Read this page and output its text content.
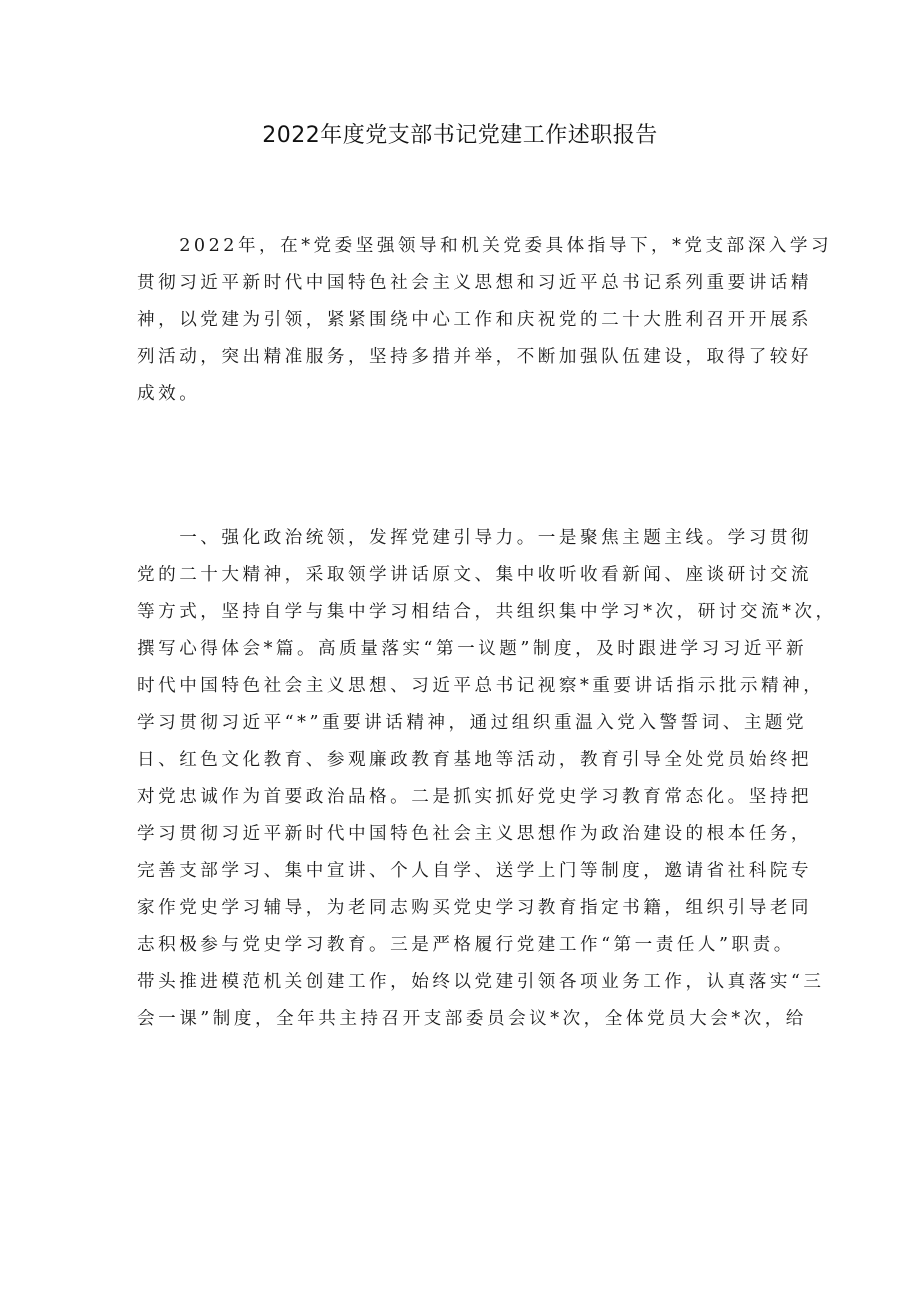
2022年度党支部书记党建工作述职报告
　　2022年，在*党委坚强领导和机关党委具体指导下，*党支部深入学习
贯彻习近平新时代中国特色社会主义思想和习近平总书记系列重要讲话精
神，以党建为引领，紧紧围绕中心工作和庆祝党的二十大胜利召开开展系
列活动，突出精准服务，坚持多措并举，不断加强队伍建设，取得了较好
成效。
　　一、强化政治统领，发挥党建引导力。一是聚焦主题主线。学习贯彻
党的二十大精神，采取领学讲话原文、集中收听收看新闻、座谈研讨交流
等方式，坚持自学与集中学习相结合，共组织集中学习*次，研讨交流*次，
撰写心得体会*篇。高质量落实“第一议题”制度，及时跟进学习习近平新
时代中国特色社会主义思想、习近平总书记视察*重要讲话指示批示精神，
学习贯彻习近平“*”重要讲话精神，通过组织重温入党入警誓词、主题党
日、红色文化教育、参观廉政教育基地等活动，教育引导全处党员始终把
对党忠诚作为首要政治品格。二是抓实抓好党史学习教育常态化。坚持把
学习贯彻习近平新时代中国特色社会主义思想作为政治建设的根本任务，
完善支部学习、集中宣讲、个人自学、送学上门等制度，邀请省社科院专
家作党史学习辅导，为老同志购买党史学习教育指定书籍，组织引导老同
志积极参与党史学习教育。三是严格履行党建工作“第一责任人”职责。
带头推进模范机关创建工作，始终以党建引领各项业务工作，认真落实“三
会一课”制度，全年共主持召开支部委员会议*次，全体党员大会*次，给
